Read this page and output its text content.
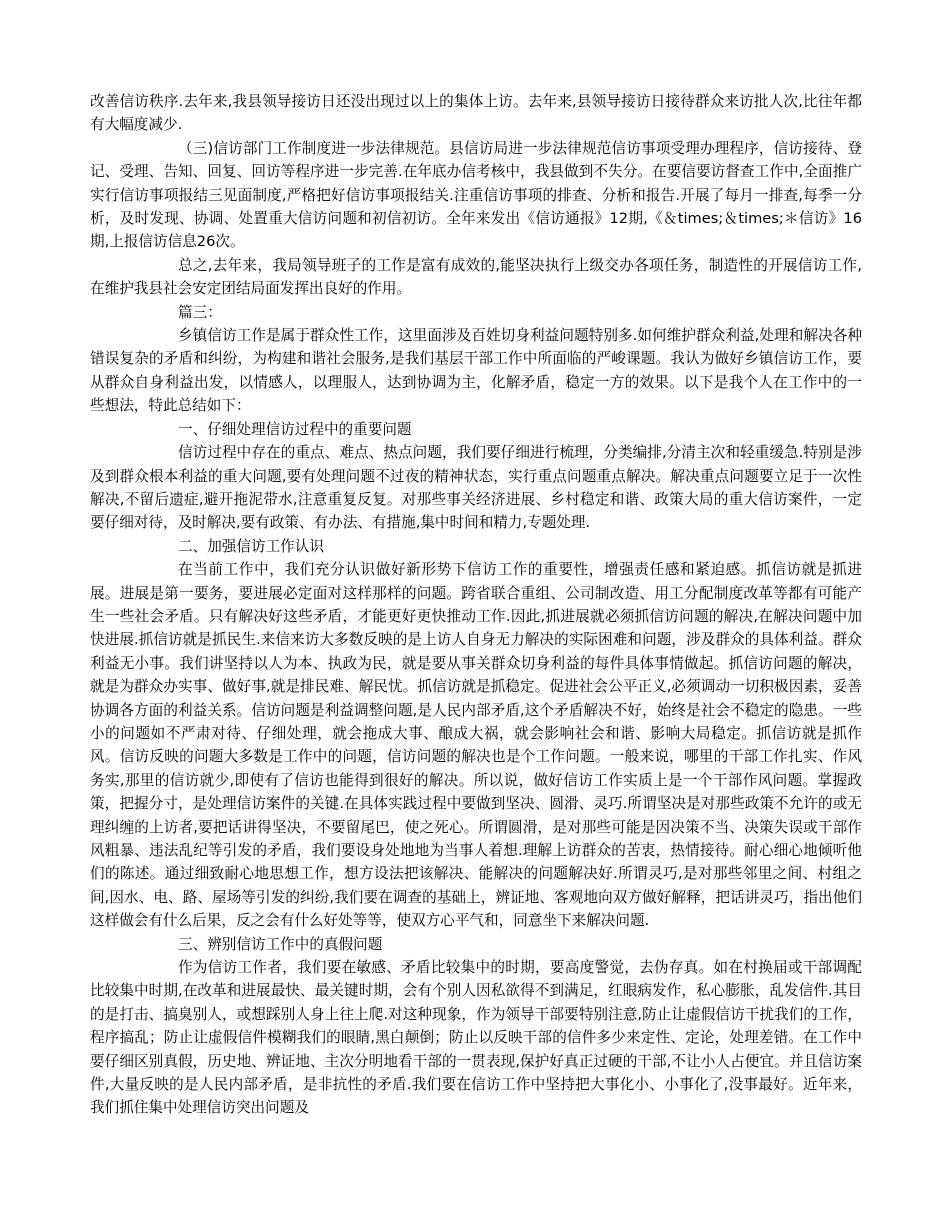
改善信访秩序.去年来,我县领导接访日还没出现过以上的集体上访。去年来,县领导接访日接待群众来访批人次,比往年都有大幅度减少.

（三)信访部门工作制度进一步法律规范。县信访局进一步法律规范信访事项受理办理程序，信访接待、登记、受理、告知、回复、回访等程序进一步完善.在年底办信考核中，我县做到不失分。在要信要访督查工作中,全面推广实行信访事项报结三见面制度,严格把好信访事项报结关.注重信访事项的排查、分析和报告.开展了每月一排查,每季一分析，及时发现、协调、处置重大信访问题和初信初访。全年来发出《信访通报》12期,《＆times;＆times;＊信访》16期,上报信访信息26次。

总之,去年来，我局领导班子的工作是富有成效的,能坚决执行上级交办各项任务，制造性的开展信访工作,在维护我县社会安定团结局面发挥出良好的作用。

篇三：

乡镇信访工作是属于群众性工作，这里面涉及百姓切身利益问题特别多.如何维护群众利益,处理和解决各种错误复杂的矛盾和纠纷，为构建和谐社会服务,是我们基层干部工作中所面临的严峻课题。我认为做好乡镇信访工作，要从群众自身利益出发，以情感人，以理服人，达到协调为主，化解矛盾，稳定一方的效果。以下是我个人在工作中的一些想法，特此总结如下：

一、仔细处理信访过程中的重要问题

信访过程中存在的重点、难点、热点问题，我们要仔细进行梳理，分类编排,分清主次和轻重缓急.特别是涉及到群众根本利益的重大问题,要有处理问题不过夜的精神状态，实行重点问题重点解决。解决重点问题要立足于一次性解决,不留后遗症,避开拖泥带水,注意重复反复。对那些事关经济进展、乡村稳定和谐、政策大局的重大信访案件，一定要仔细对待，及时解决,要有政策、有办法、有措施,集中时间和精力,专题处理.

二、加强信访工作认识

在当前工作中，我们充分认识做好新形势下信访工作的重要性，增强责任感和紧迫感。抓信访就是抓进展。进展是第一要务，要进展必定面对这样那样的问题。跨省联合重组、公司制改造、用工分配制度改革等都有可能产生一些社会矛盾。只有解决好这些矛盾，才能更好更快推动工作.因此,抓进展就必须抓信访问题的解决,在解决问题中加快进展.抓信访就是抓民生.来信来访大多数反映的是上访人自身无力解决的实际困难和问题，涉及群众的具体利益。群众利益无小事。我们讲坚持以人为本、执政为民，就是要从事关群众切身利益的每件具体事情做起。抓信访问题的解决，就是为群众办实事、做好事,就是排民难、解民忧。抓信访就是抓稳定。促进社会公平正义,必须调动一切积极因素，妥善协调各方面的利益关系。信访问题是利益调整问题,是人民内部矛盾,这个矛盾解决不好，始终是社会不稳定的隐患。一些小的问题如不严肃对待、仔细处理，就会拖成大事、酿成大祸，就会影响社会和谐、影响大局稳定。抓信访就是抓作风。信访反映的问题大多数是工作中的问题，信访问题的解决也是个工作问题。一般来说，哪里的干部工作扎实、作风务实,那里的信访就少,即使有了信访也能得到很好的解决。所以说，做好信访工作实质上是一个干部作风问题。掌握政策，把握分寸，是处理信访案件的关键.在具体实践过程中要做到坚决、圆滑、灵巧.所谓坚决是对那些政策不允许的或无理纠缠的上访者,要把话讲得坚决，不要留尾巴，使之死心。所谓圆滑，是对那些可能是因决策不当、决策失误或干部作风粗暴、违法乱纪等引发的矛盾，我们要设身处地地为当事人着想.理解上访群众的苦衷，热情接待。耐心细心地倾听他们的陈述。通过细致耐心地思想工作，想方设法把该解决、能解决的问题解决好.所谓灵巧,是对那些邻里之间、村组之间,因水、电、路、屋场等引发的纠纷,我们要在调查的基础上，辨证地、客观地向双方做好解释，把话讲灵巧，指出他们这样做会有什么后果，反之会有什么好处等等，使双方心平气和，同意坐下来解决问题.

三、辨别信访工作中的真假问题

作为信访工作者，我们要在敏感、矛盾比较集中的时期，要高度警觉，去伪存真。如在村换届或干部调配比较集中时期,在改革和进展最快、最关键时期，会有个别人因私欲得不到满足，红眼病发作，私心膨胀，乱发信件.其目的是打击、搞臭别人，或想踩别人身上往上爬.对这种现象，作为领导干部要特别注意,防止让虚假信访干扰我们的工作，程序搞乱；防止让虚假信件模糊我们的眼睛,黑白颠倒；防止以反映干部的信件多少来定性、定论，处理差错。在工作中要仔细区别真假，历史地、辨证地、主次分明地看干部的一贯表现,保护好真正过硬的干部,不让小人占便宜。并且信访案件,大量反映的是人民内部矛盾，是非抗性的矛盾.我们要在信访工作中坚持把大事化小、小事化了,没事最好。近年来，我们抓住集中处理信访突出问题及
